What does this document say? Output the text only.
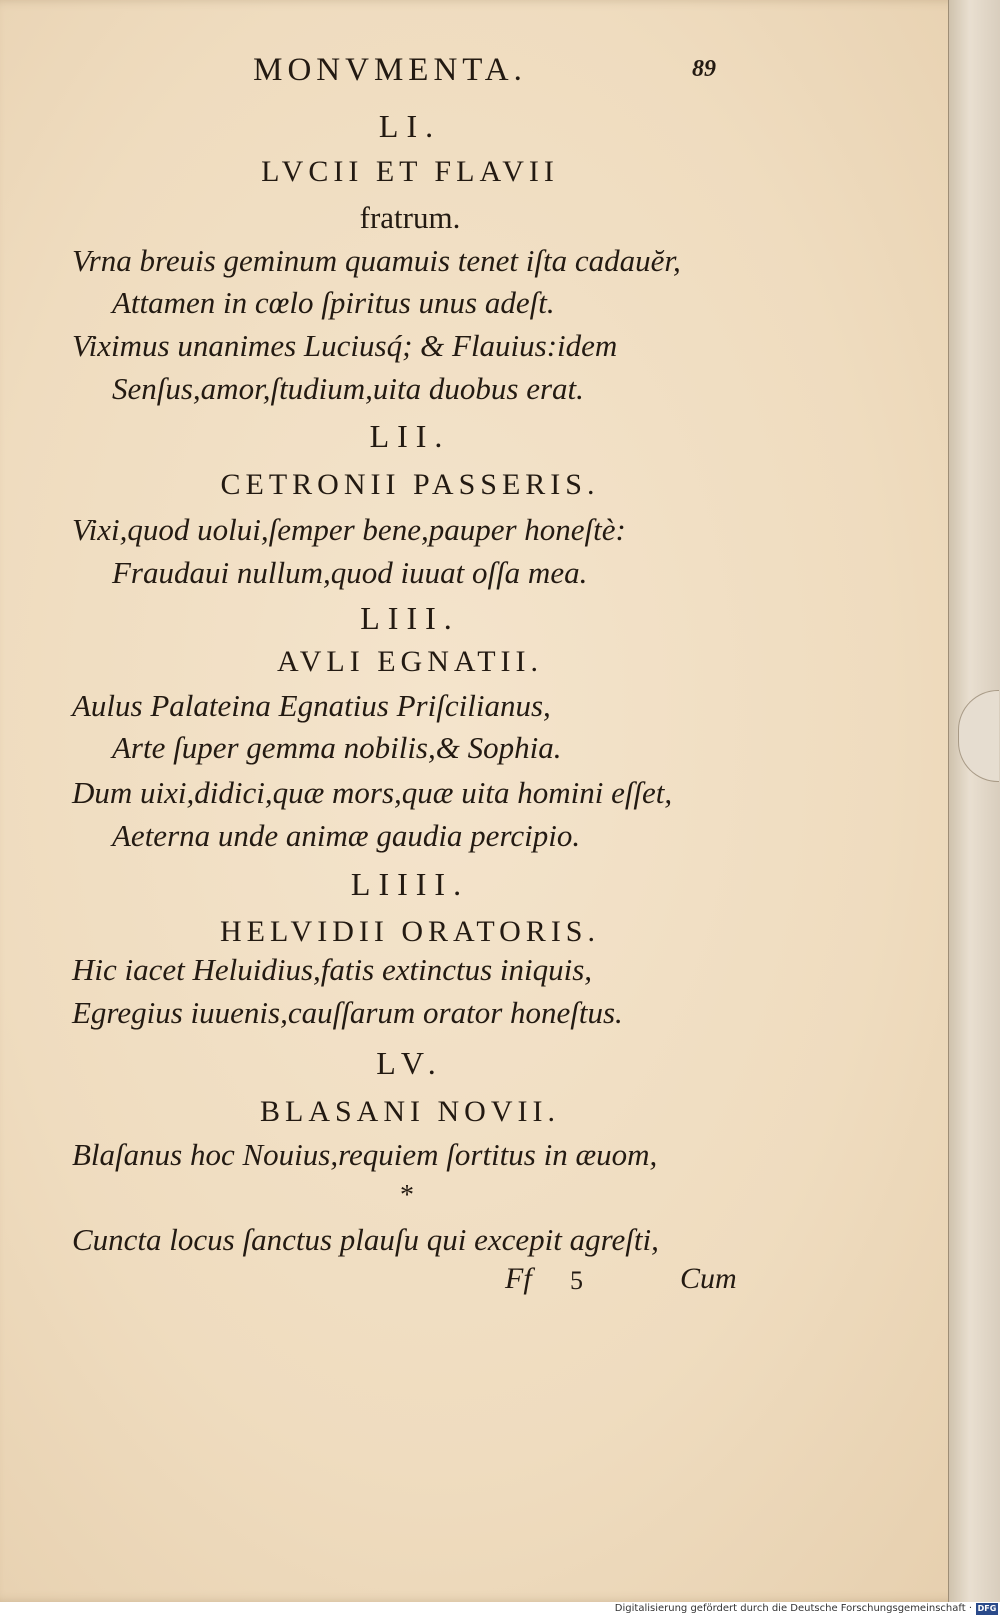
MONVMENTA.	89
LI.
LVCII ET FLAVII
fratrum.
Vrna breuis geminum quamuis tenet iſta cadauĕr,
Attamen in cœlo ſpiritus unus adeſt.
Viximus unanimes Luciusq́; & Flauius:idem
Senſus,amor,ſtudium,uita duobus erat.
LII.
CETRONII PASSERIS.
Vixi,quod uolui,ſemper bene,pauper honeſtè:
Fraudaui nullum,quod iuuat oſſa mea.
LIII.
AVLI EGNATII.
Aulus Palateina Egnatius Priſcilianus,
Arte ſuper gemma nobilis,& Sophia.
Dum uixi,didici,quæ mors,quæ uita homini eſſet,
Aeterna unde animæ gaudia percipio.
LIIII.
HELVIDII ORATORIS.
Hic iacet Heluidius,fatis extinctus iniquis,
Egregius iuuenis,cauſſarum orator honeſtus.
LV.
BLASANI NOVII.
Blaſanus hoc Nouius,requiem ſortitus in æuom,
*
Cuncta locus ſanctus plauſu qui excepit agreſti,
Ff 5	Cum
Digitalisierung gefördert durch die Deutsche Forschungsgemeinschaft · DFG
